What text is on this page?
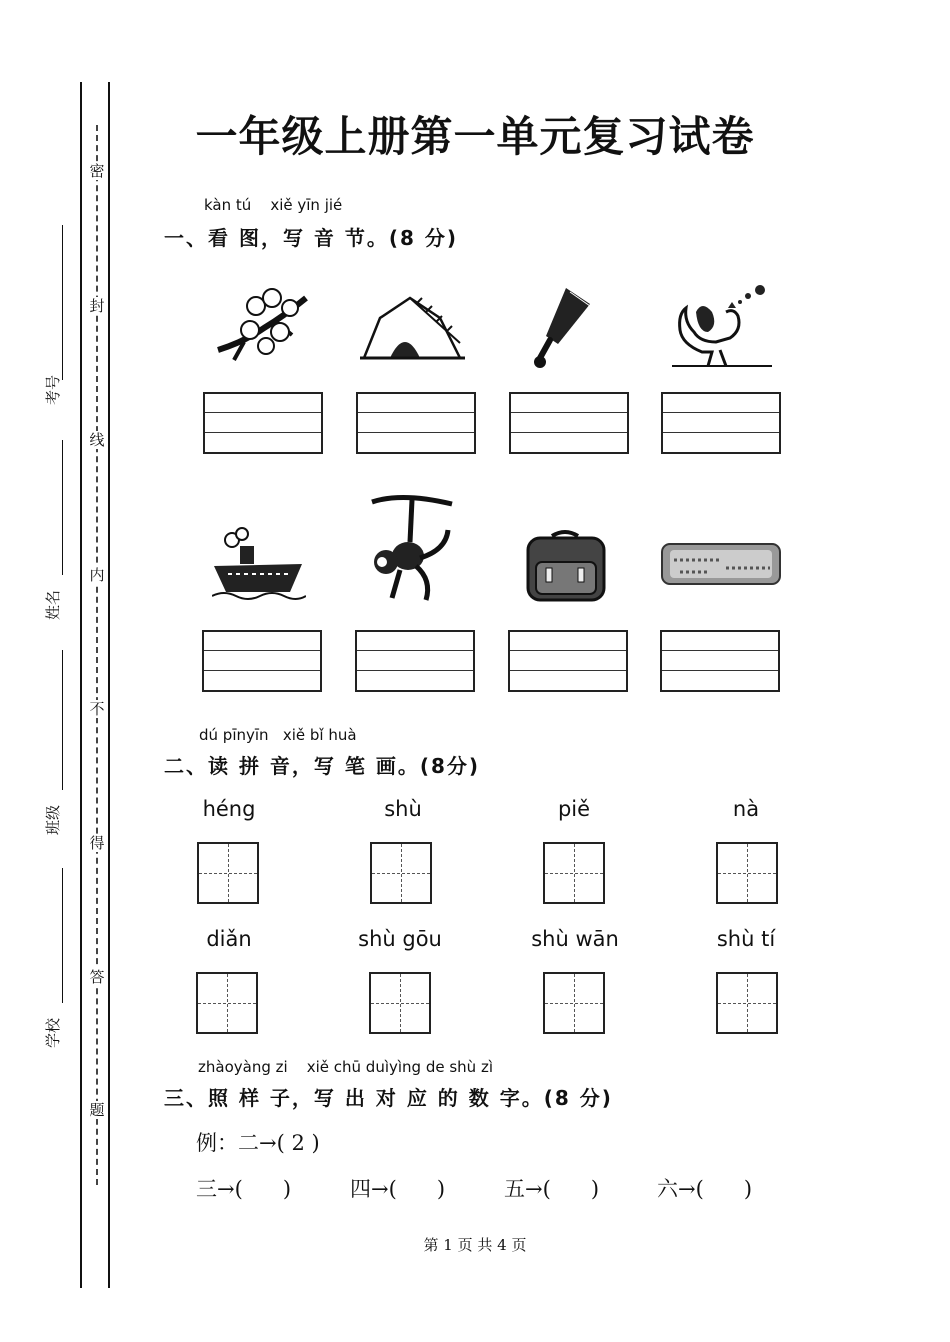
密
封
线
内
不
得
答
题
考号
姓名
班级
学校
一年级上册第一单元复习试卷
kàn tú    xiě yīn jié
一、看 图，写 音 节。(8 分)
dú pīnyīn   xiě bǐ huà
二、读 拼 音，写 笔 画。(8分)
héng	shù	piě	nà
diǎn	shù gōu	shù wān	shù tí
zhàoyàng zi    xiě chū duìyìng de shù zì
三、照 样 子，写 出 对 应 的 数 字。(8 分)
例：二→( 2 )
三→(      )	四→(      )	五→(      )	六→(      )
第 1 页 共 4 页
